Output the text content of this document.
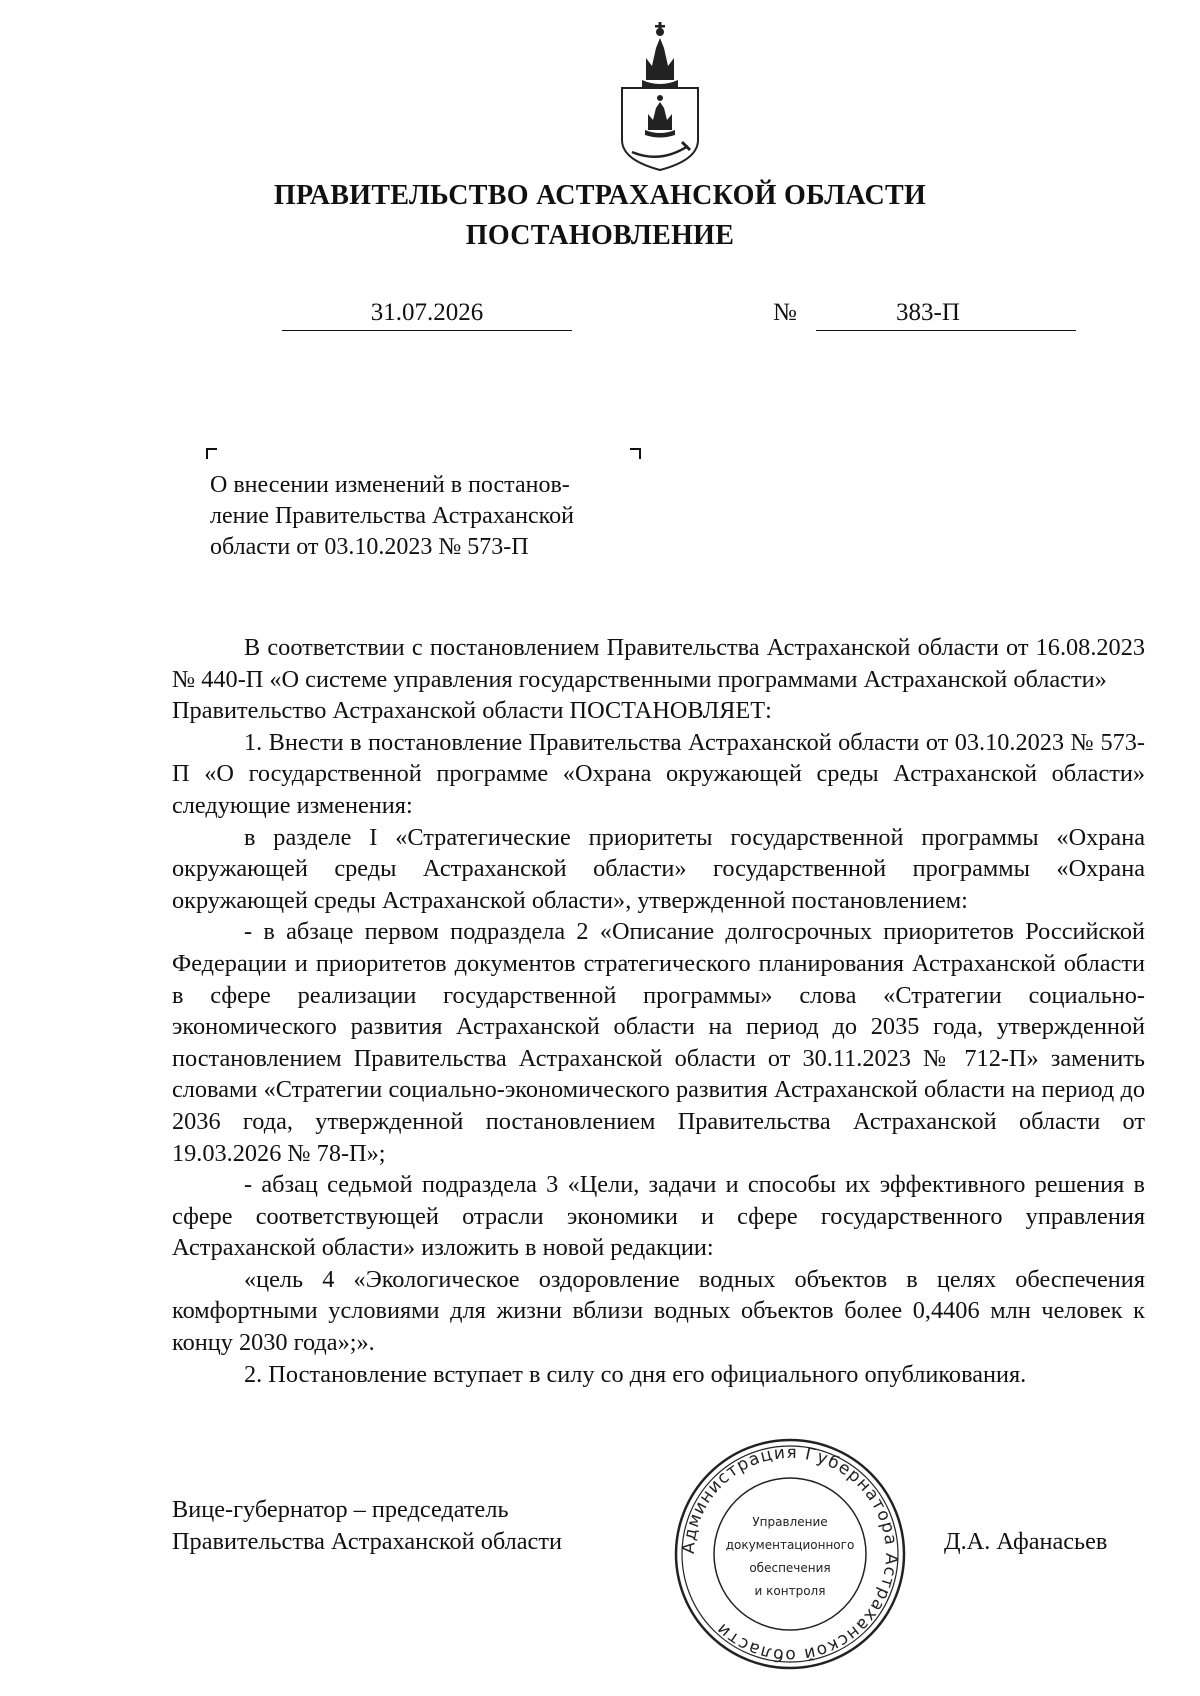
ПРАВИТЕЛЬСТВО АСТРАХАНСКОЙ ОБЛАСТИ
ПОСТАНОВЛЕНИЕ
31.07.2026	№	383-П
О внесении изменений в постанов-
ление Правительства Астраханской
области от 03.10.2023 № 573-П

В соответствии с постановлением Правительства Астраханской области от 16.08.2023 № 440-П «О системе управления государственными программами Астраханской области»

Правительство Астраханской области ПОСТАНОВЛЯЕТ:

1. Внести в постановление Правительства Астраханской области от 03.10.2023 № 573-П «О государственной программе «Охрана окружающей среды Астраханской области» следующие изменения:

в разделе I «Стратегические приоритеты государственной программы «Охрана окружающей среды Астраханской области» государственной программы «Охрана окружающей среды Астраханской области», утвержденной постановлением:

- в абзаце первом подраздела 2 «Описание долгосрочных приоритетов Российской Федерации и приоритетов документов стратегического планирования Астраханской области в сфере реализации государственной программы» слова «Стратегии социально-экономического развития Астраханской области на период до 2035 года, утвержденной постановлением Правительства Астраханской области от 30.11.2023 № 712-П» заменить словами «Стратегии социально-экономического развития Астраханской области на период до 2036 года, утвержденной постановлением Правительства Астраханской области от 19.03.2026 № 78-П»;

- абзац седьмой подраздела 3 «Цели, задачи и способы их эффективного решения в сфере соответствующей отрасли экономики и сфере государственного управления Астраханской области» изложить в новой редакции:

«цель 4 «Экологическое оздоровление водных объектов в целях обеспечения комфортными условиями для жизни вблизи водных объектов более 0,4406 млн человек к концу 2030 года»;».

2. Постановление вступает в силу со дня его официального опубликования.

Вице-губернатор – председатель
Правительства Астраханской области	Д.А. Афанасьев
Администрация Губернатора Астраханской области
Управление
документационного
обеспечения
и контроля
